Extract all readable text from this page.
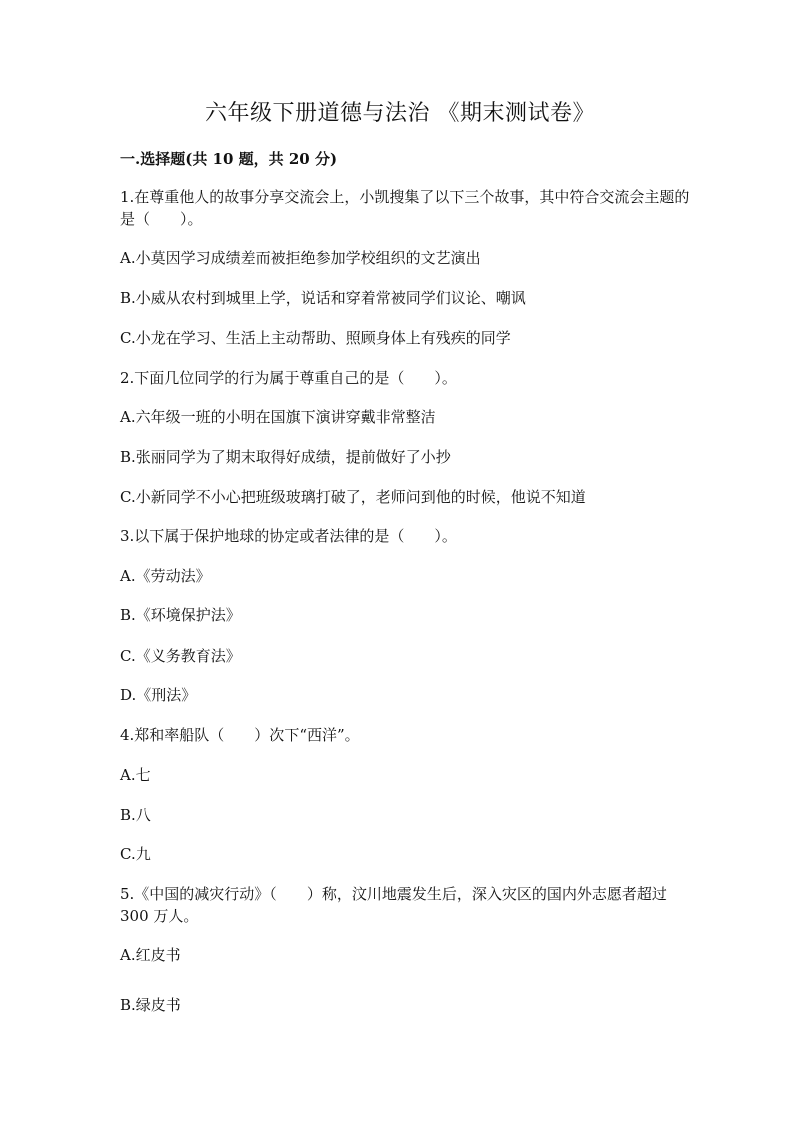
六年级下册道德与法治 《期末测试卷》
一.选择题(共 10 题，共 20 分)
1.在尊重他人的故事分享交流会上，小凯搜集了以下三个故事，其中符合交流会主题的是（　　）。
A.小莫因学习成绩差而被拒绝参加学校组织的文艺演出
B.小威从农村到城里上学，说话和穿着常被同学们议论、嘲讽
C.小龙在学习、生活上主动帮助、照顾身体上有残疾的同学
2.下面几位同学的行为属于尊重自己的是（　　）。
A.六年级一班的小明在国旗下演讲穿戴非常整洁
B.张丽同学为了期末取得好成绩，提前做好了小抄
C.小新同学不小心把班级玻璃打破了，老师问到他的时候，他说不知道
3.以下属于保护地球的协定或者法律的是（　　）。
A.《劳动法》
B.《环境保护法》
C.《义务教育法》
D.《刑法》
4.郑和率船队（　　）次下“西洋”。
A.七
B.八
C.九
5.《中国的减灾行动》（　　）称，汶川地震发生后，深入灾区的国内外志愿者超过 300 万人。
A.红皮书
B.绿皮书
